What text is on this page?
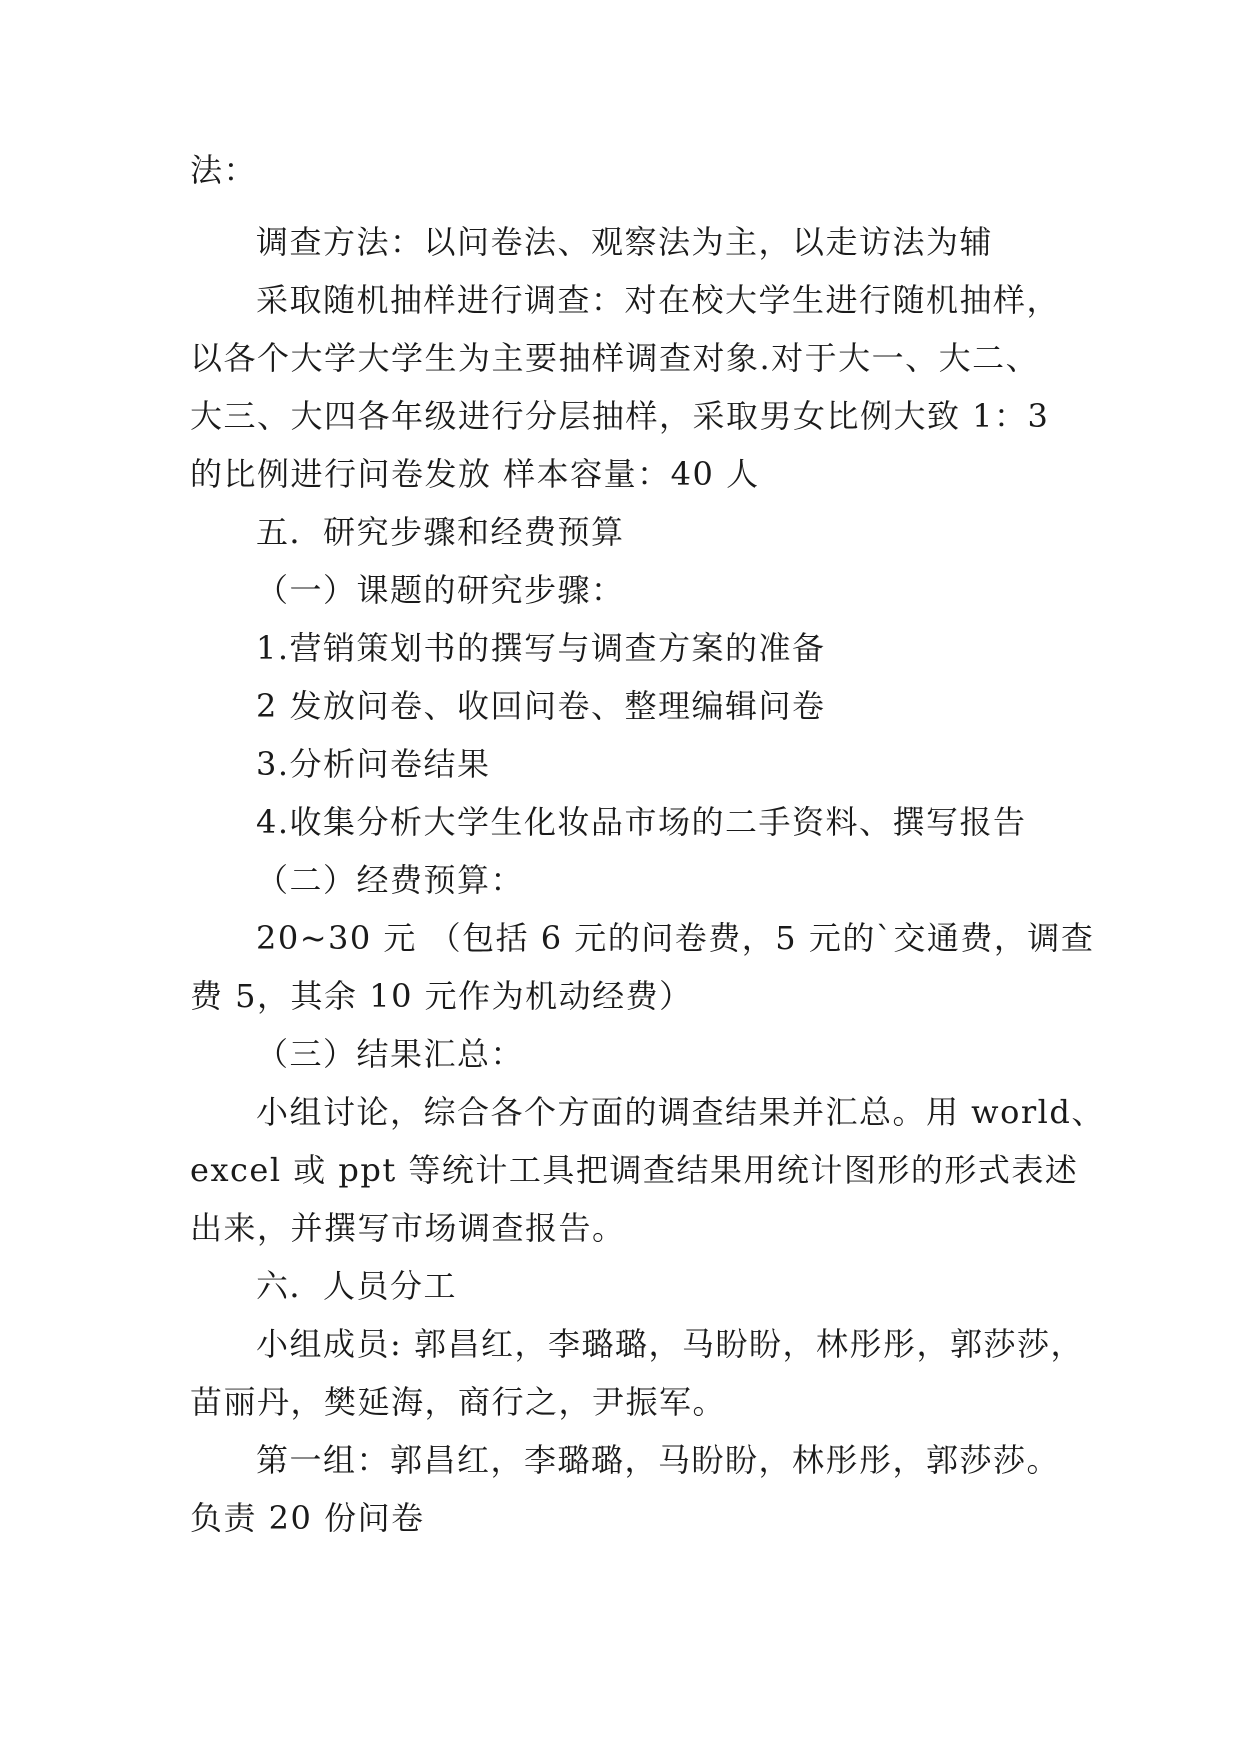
法：
调查方法：以问卷法、观察法为主，以走访法为辅
采取随机抽样进行调查：对在校大学生进行随机抽样，
以各个大学大学生为主要抽样调查对象.对于大一、大二、
大三、大四各年级进行分层抽样，采取男女比例大致 1：3
的比例进行问卷发放 样本容量：40 人
五．研究步骤和经费预算
（一）课题的研究步骤：
1.营销策划书的撰写与调查方案的准备
2 发放问卷、收回问卷、整理编辑问卷
3.分析问卷结果
4.收集分析大学生化妆品市场的二手资料、撰写报告
（二）经费预算：
20~30 元 （包括 6 元的问卷费，5 元的`交通费，调查
费 5，其余 10 元作为机动经费）
（三）结果汇总：
小组讨论，综合各个方面的调查结果并汇总。用 world、
excel 或 ppt 等统计工具把调查结果用统计图形的形式表述
出来，并撰写市场调查报告。
六．人员分工
小组成员: 郭昌红，李璐璐，马盼盼，林彤彤，郭莎莎，
苗丽丹，樊延海，商行之，尹振军。
第一组：郭昌红，李璐璐，马盼盼，林彤彤，郭莎莎。
负责 20 份问卷
